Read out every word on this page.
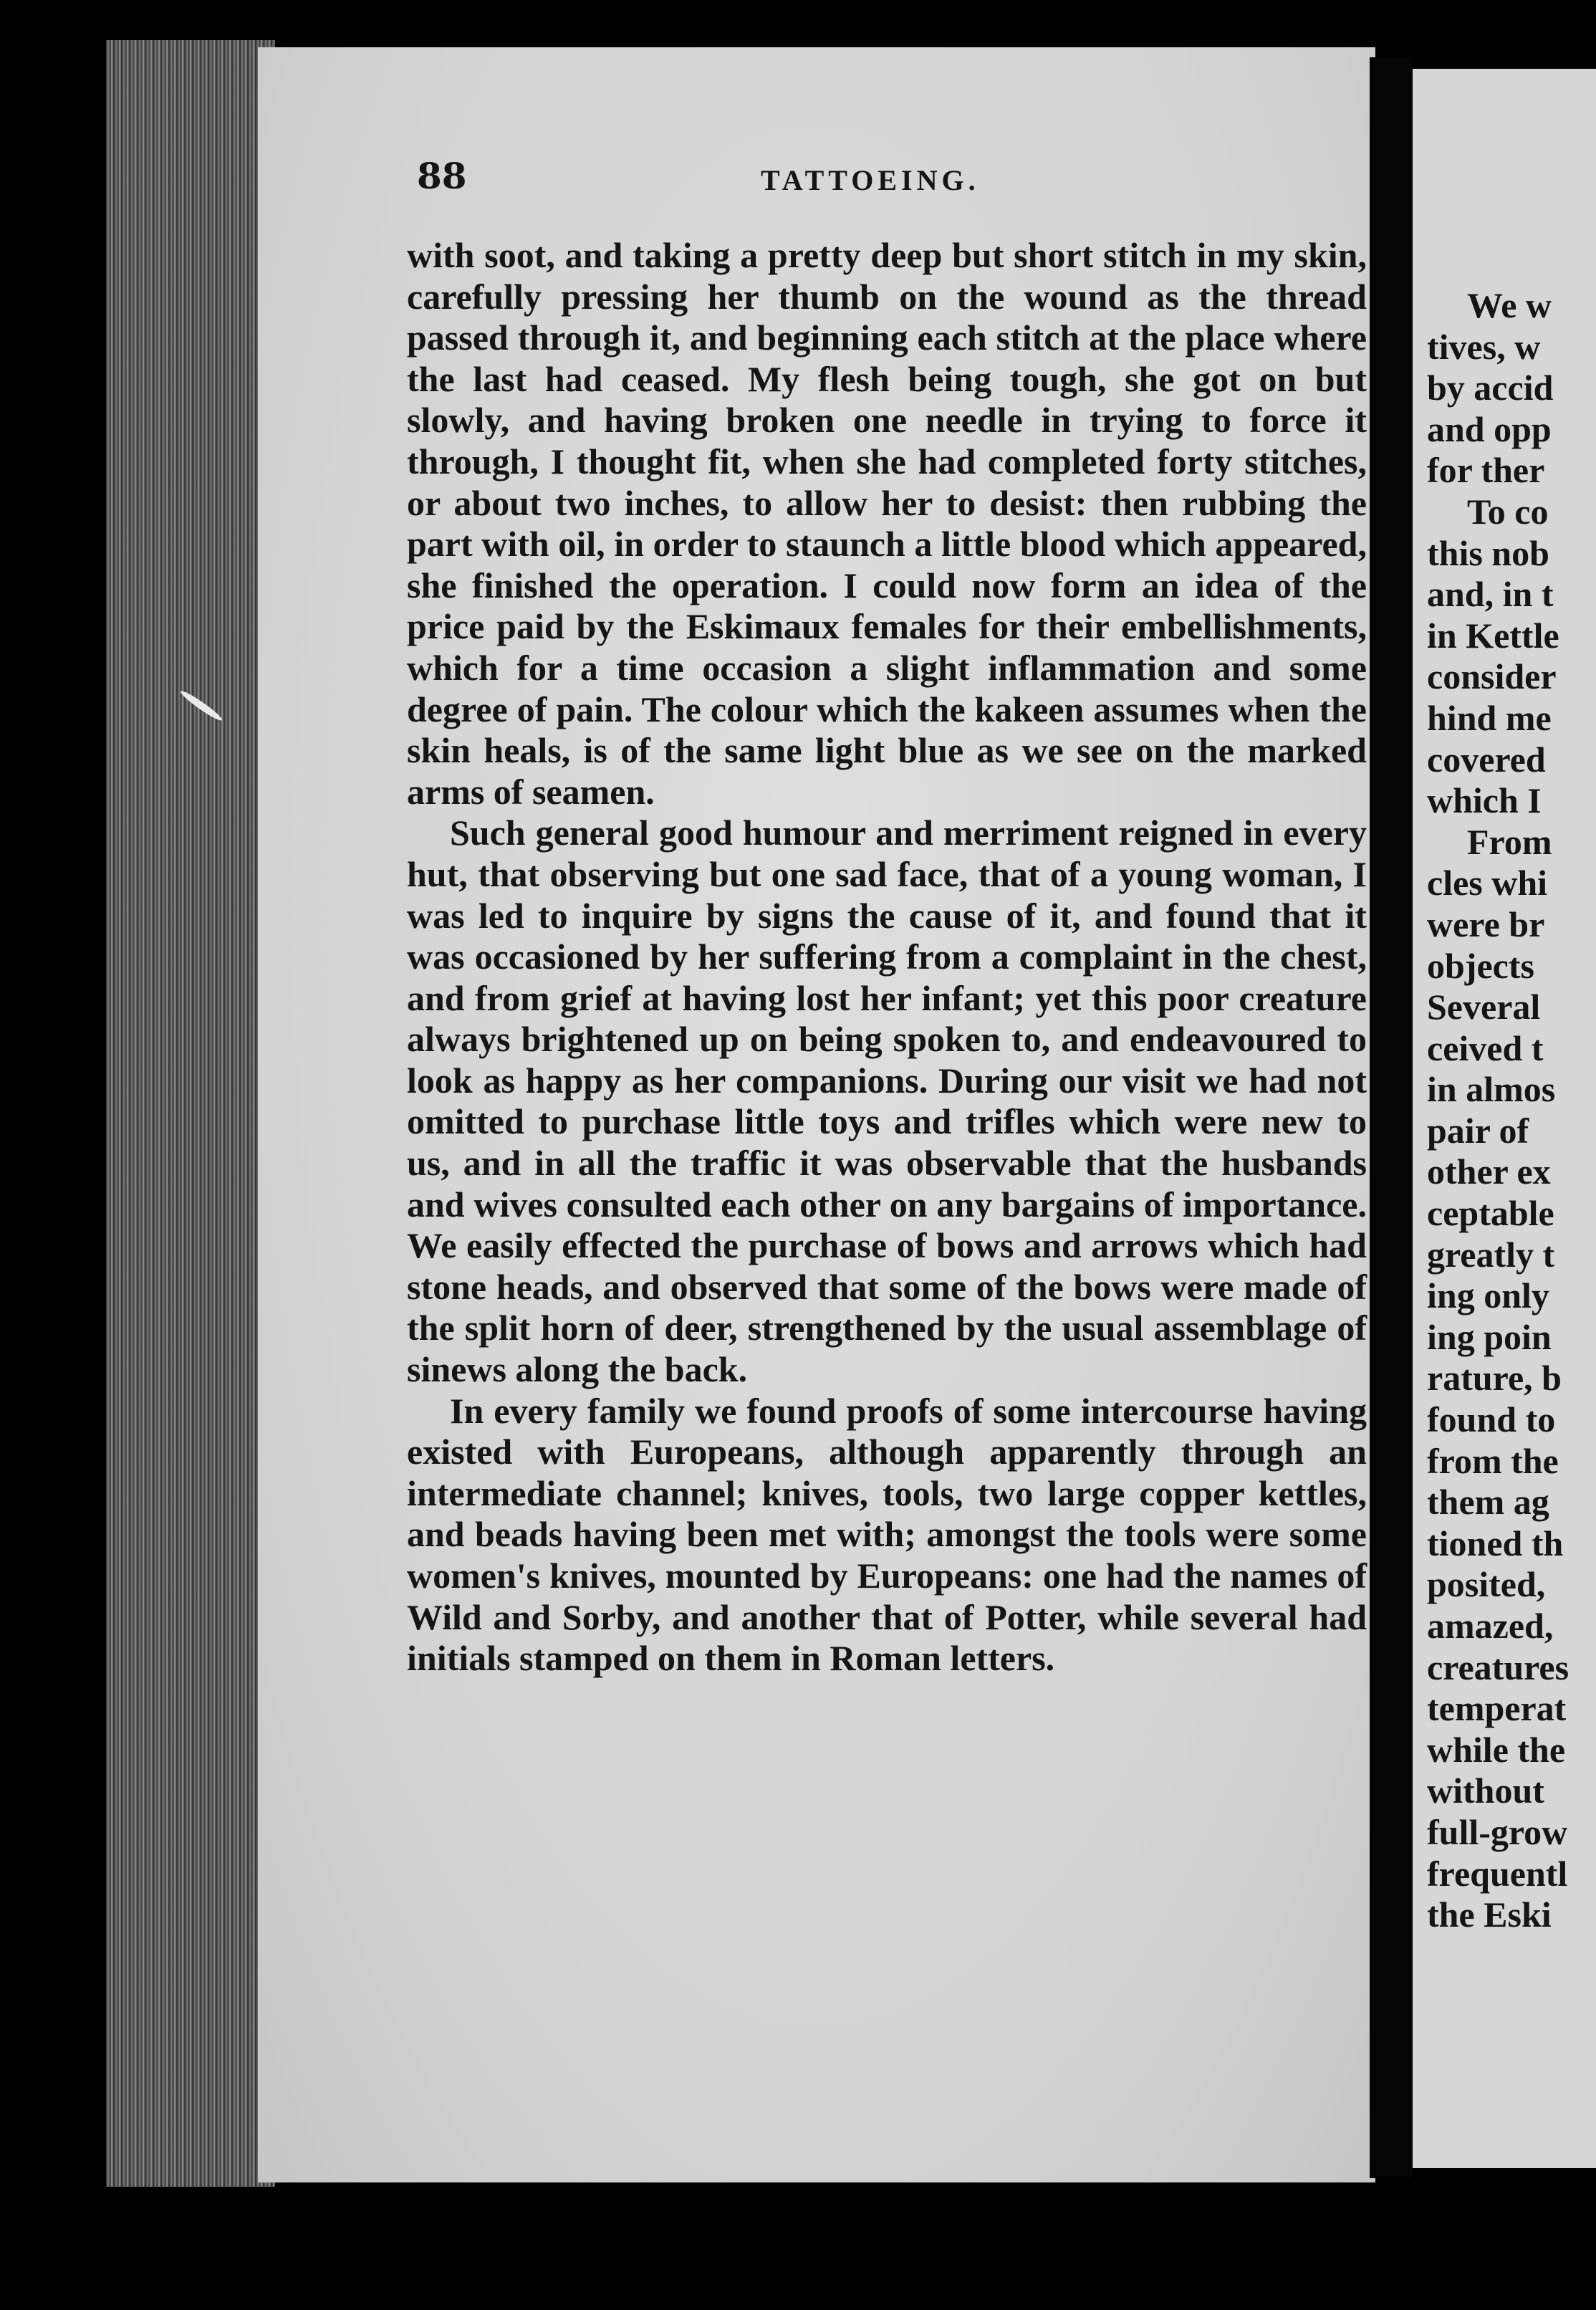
88	TATTOEING.

with soot, and taking a pretty deep but short stitch in my skin, carefully pressing her thumb on the wound as the thread passed through it, and beginning each stitch at the place where the last had ceased. My flesh being tough, she got on but slowly, and having broken one needle in trying to force it through, I thought fit, when she had completed forty stitches, or about two inches, to allow her to desist: then rubbing the part with oil, in order to staunch a little blood which appeared, she finished the operation. I could now form an idea of the price paid by the Eskimaux females for their embellishments, which for a time occasion a slight inflammation and some degree of pain. The colour which the kakeen assumes when the skin heals, is of the same light blue as we see on the marked arms of seamen.

Such general good humour and merriment reigned in every hut, that observing but one sad face, that of a young woman, I was led to inquire by signs the cause of it, and found that it was occasioned by her suffering from a complaint in the chest, and from grief at having lost her infant; yet this poor creature always brightened up on being spoken to, and endeavoured to look as happy as her companions. During our visit we had not omitted to purchase little toys and trifles which were new to us, and in all the traffic it was observable that the husbands and wives consulted each other on any bargains of importance. We easily effected the purchase of bows and arrows which had stone heads, and observed that some of the bows were made of the split horn of deer, strengthened by the usual assemblage of sinews along the back.

In every family we found proofs of some intercourse having existed with Europeans, although apparently through an intermediate channel; knives, tools, two large copper kettles, and beads having been met with; amongst the tools were some women's knives, mounted by Europeans: one had the names of Wild and Sorby, and another that of Potter, while several had initials stamped on them in Roman letters.

We w
tives, w
by accid
and opp
for ther
To co
this nob
and, in t
in Kettle
consider
hind me
covered
which I
From
cles whi
were br
objects
Several
ceived t
in almos
pair of
other ex
ceptable
greatly t
ing only
ing poin
rature, b
found to
from the
them ag
tioned th
posited,
amazed,
creatures
temperat
while the
without
full-grow
frequentl
the Eski
